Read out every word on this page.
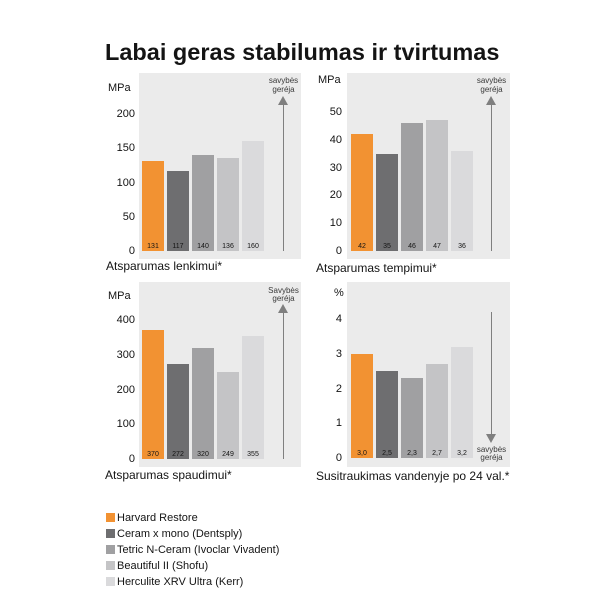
Labai geras stabilumas ir tvirtumas
MPa
200
150
100
50
0	131	117	140	136	160
savybės
geréja
Atsparumas lenkimui*
MPa
50
40
30
20
10
0	42	35	46	47	36
savybės
geréja
Atsparumas tempimui*
MPa
400
300
200
100
0	370	272	320	249	355
Savybės
geréja
Atsparumas spaudimui*
%
4
3
2
1
0	3,0	2,5	2,3	2,7	3,2	savybės
geréja
Susitraukimas vandenyje po 24 val.*
Harvard Restore
Ceram x mono (Dentsply)
Tetric N-Ceram (Ivoclar Vivadent)
Beautiful II (Shofu)
Herculite XRV Ultra (Kerr)
